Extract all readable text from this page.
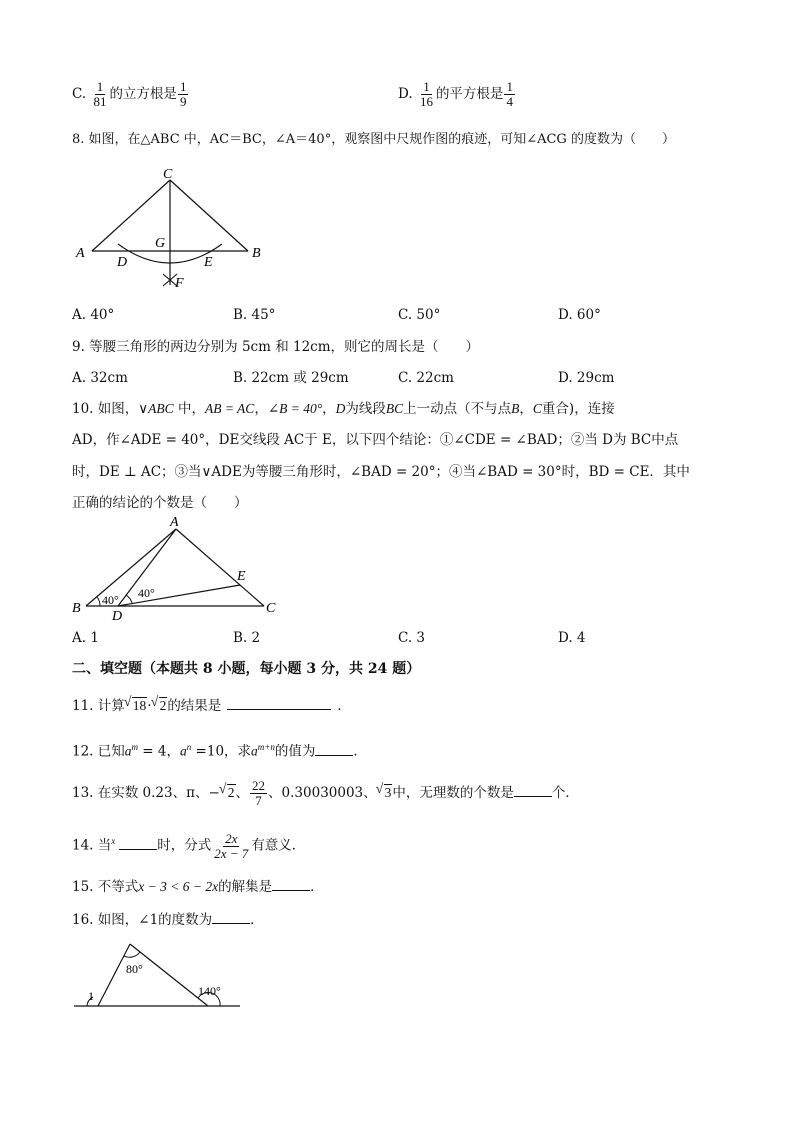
C. $\frac{1}{81}$ 的立方根是 $\frac{1}{9}$	D. $\frac{1}{16}$ 的平方根是 $\frac{1}{4}$
8. 如图，在△ABC 中，AC＝BC，∠A＝40°，观察图中尺规作图的痕迹，可知∠ACG 的度数为（　　）
C
A	B
G
D	E
F
A. 40°	B. 45°	C. 50°	D. 60°
9. 等腰三角形的两边分别为 5cm 和 12cm，则它的周长是（　　）
A. 32cm	B. 22cm 或 29cm	C. 22cm	D. 29cm
10. 如图，∨ABC 中，AB = AC，∠B = 40°，D为线段BC上一动点（不与点B，C重合)，连接
AD，作∠ADE = 40°，DE交线段 AC于 E，以下四个结论：①∠CDE = ∠BAD；②当 D为 BC中点
时，DE ⊥ AC；③当∨ADE为等腰三角形时，∠BAD = 20°；④当∠BAD = 30°时，BD = CE．其中
正确的结论的个数是（　　）
A
B	C
D
E
40° 40°
A. 1	B. 2	C. 3	D. 4
二、填空题（本题共 8 小题，每小题 3 分，共 24 题）
11. 计算 √ 18· √ 2的结果是	．
12. 已知$a^m = 4$，$a^n =10$，求$a^{m+n}$的值为	．
13. 在实数 0.23、π、− √ 2、 $\frac{22}{7}$ 、0.30030003、 √ 3中，无理数的个数是	个．
14. 当$^x$	时，分式 $\frac{2x}{2x - 7}$ 有意义．
15. 不等式x − 3 < 6 − 2x的解集是	．
16. 如图，∠1的度数为	．
1
80°
140°
